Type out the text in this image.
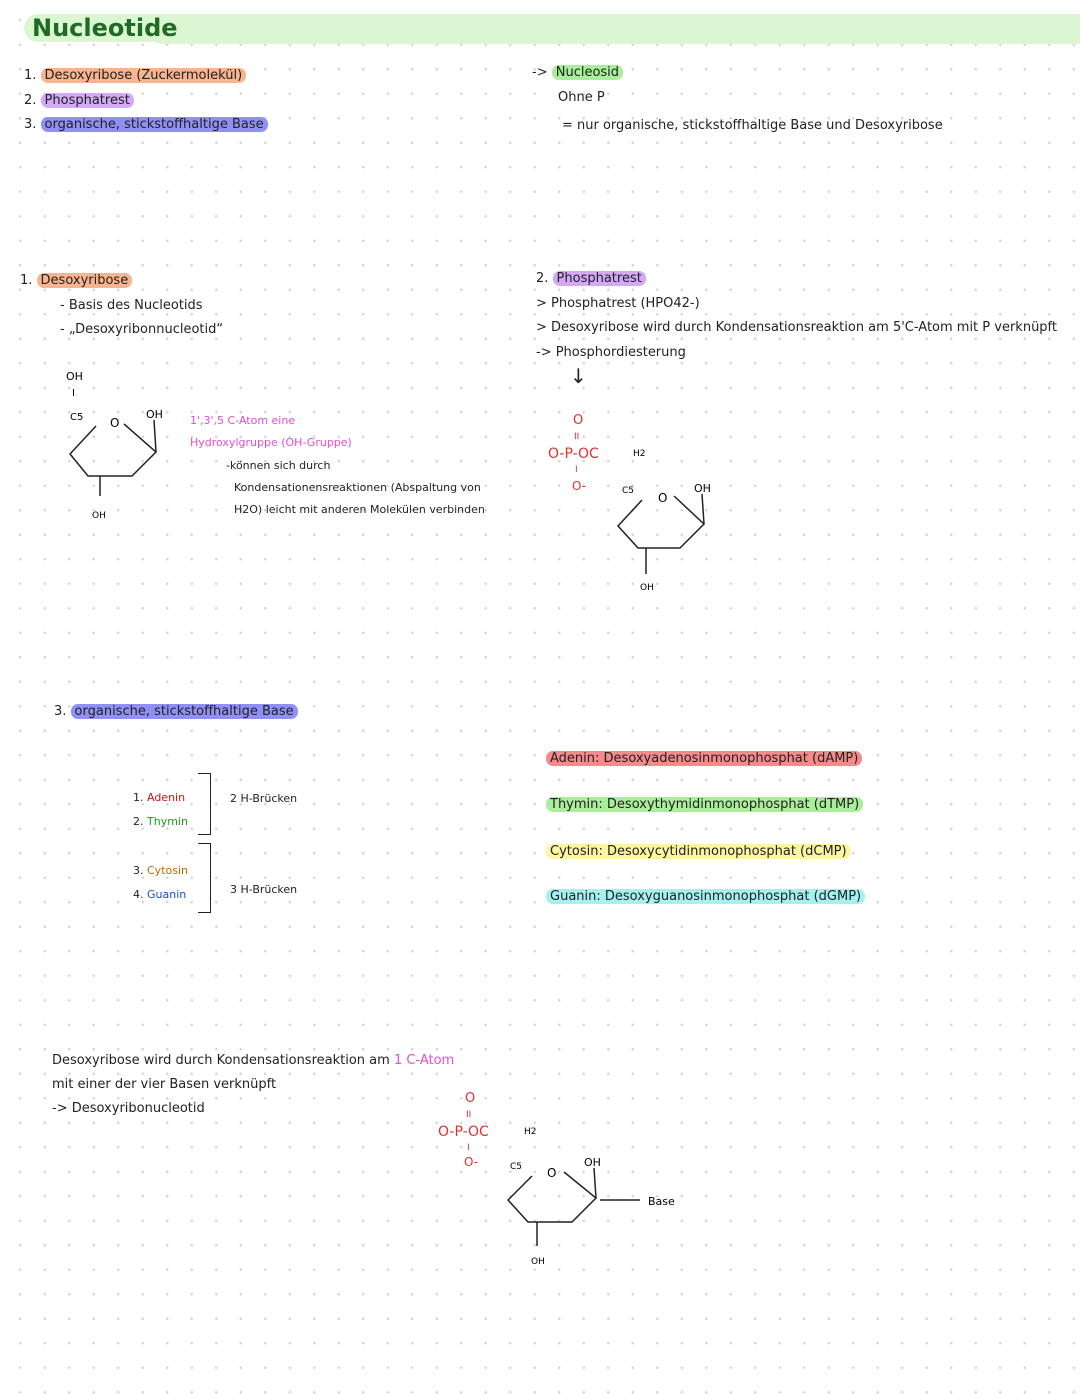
Nucleotide
1. Desoxyribose (Zuckermolekül)
2. Phosphatrest
3. organische, stickstoffhaltige Base
-> Nucleosid
Ohne P
= nur organische, stickstoffhaltige Base und Desoxyribose
1. Desoxyribose
- Basis des Nucleotids
- „Desoxyribonnucleotid“
OH
I
C5 O
OH
OH
1',3',5 C-Atom eine
Hydroxylgruppe (OH-Gruppe)
-können sich durch
Kondensationensreaktionen (Abspaltung von
H2O) leicht mit anderen Molekülen verbinden
2. Phosphatrest
> Phosphatrest (HPO42-)
> Desoxyribose wird durch Kondensationsreaktion am 5'C-Atom mit P verknüpft
-> Phosphordiesterung
↓
O
II
O-P-OC	H2
I
O-	C5 O
OH
OH
3. organische, stickstoffhaltige Base
1. Adenin
2. Thymin
3. Cytosin
4. Guanin
2 H-Brücken
3 H-Brücken
Adenin: Desoxyadenosinmonophosphat (dAMP)
Thymin: Desoxythymidinmonophosphat (dTMP)
Cytosin: Desoxycytidinmonophosphat (dCMP)
Guanin: Desoxyguanosinmonophosphat (dGMP)
Desoxyribose wird durch Kondensationsreaktion am 1 C-Atom
mit einer der vier Basen verknüpft
-> Desoxyribonucleotid
O
II
O-P-OC	H2
I
O-	C5 O
OH
Base
OH
